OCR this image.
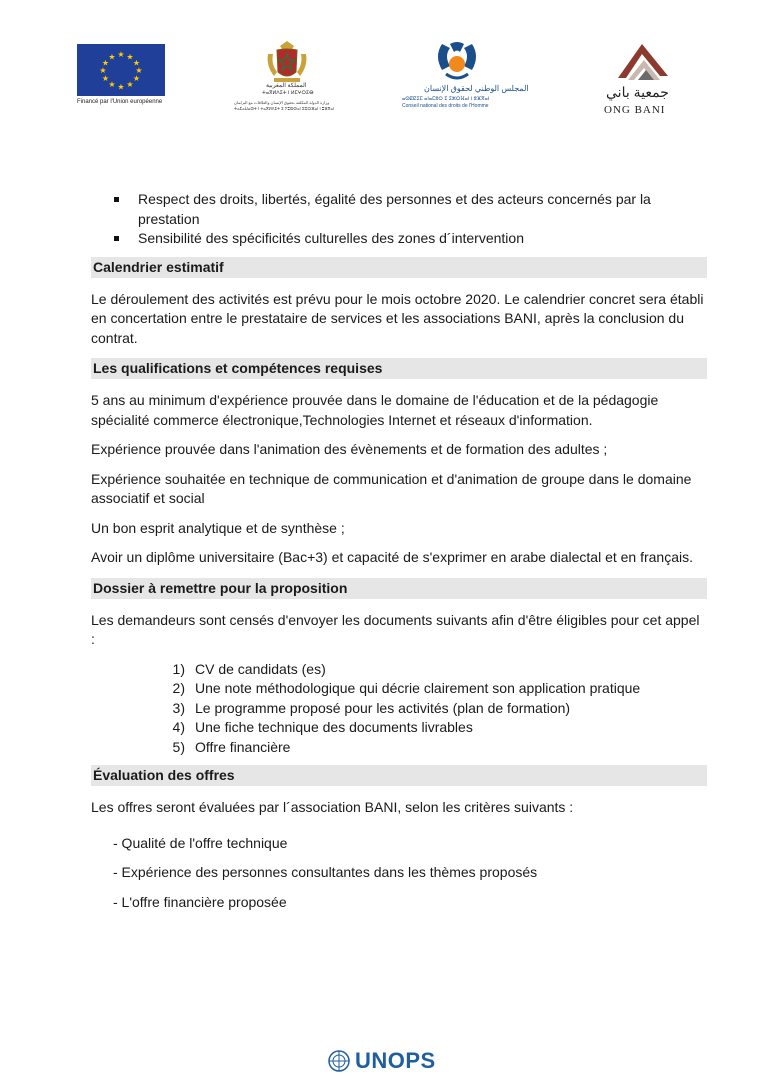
★ ★
★
★
★
★
★
★
★
★
★
★
Financé par l'Union européenne
المملكة المغربية
ⵜⴰⴳⵍⴷⵉⵜ ⵏ ⵍⵎⵖⵔⵉⴱ
وزارة الدولة المكلفة بحقوق الإنسان والعلاقات مع البرلمان
ⵜⴰⵎⴰⵡⴰⵙⵜ ⵏ ⵜⴰⴳⵍⴷⵉⵜ ⵉ ⵢⵓⵙⵙⴰⵏ ⵉⵣⵔⴼⴰⵏ ⵏ ⵓⴼⴳⴰⵏ
المجلس الوطني لحقوق الإنسان
ⴰⵙⵇⵇⵉⵎ ⴰⵏⴰⵎⵓⵔ ⵉ ⵉⵣⵔⴼⴰⵏ ⵏ ⵓⴼⴳⴰⵏ
Conseil national des droits de l'Homme
جمعية باني
ONG BANI
Respect des droits, libertés, égalité des personnes et des acteurs concernés par la prestation
Sensibilité des spécificités culturelles des zones d´intervention
Calendrier estimatif

Le déroulement des activités est prévu pour le mois octobre 2020. Le calendrier concret sera établi en concertation entre le prestataire de services et les associations BANI, après la conclusion du contrat.

Les qualifications et compétences requises

5 ans au minimum d'expérience prouvée dans le domaine de l'éducation et de la pédagogie spécialité commerce électronique,Technologies Internet et réseaux d'information.

Expérience prouvée dans l'animation des évènements et de formation des adultes ;

Expérience souhaitée en technique de communication et d'animation de groupe dans le domaine associatif et social

Un bon esprit analytique et de synthèse ;

Avoir un diplôme universitaire (Bac+3) et capacité de s'exprimer en arabe dialectal et en français.

Dossier à remettre pour la proposition

Les demandeurs sont censés d'envoyer les documents suivants afin d'être éligibles pour cet appel :

1) CV de candidats (es)
2) Une note méthodologique qui décrie clairement son application pratique
3) Le programme proposé pour les activités (plan de formation)
4) Une fiche technique des documents livrables
5) Offre financière
Évaluation des offres

Les offres seront évaluées par l´association BANI, selon les critères suivants :

- Qualité de l'offre technique

- Expérience des personnes consultantes dans les thèmes proposés

- L'offre financière proposée

UNOPS
